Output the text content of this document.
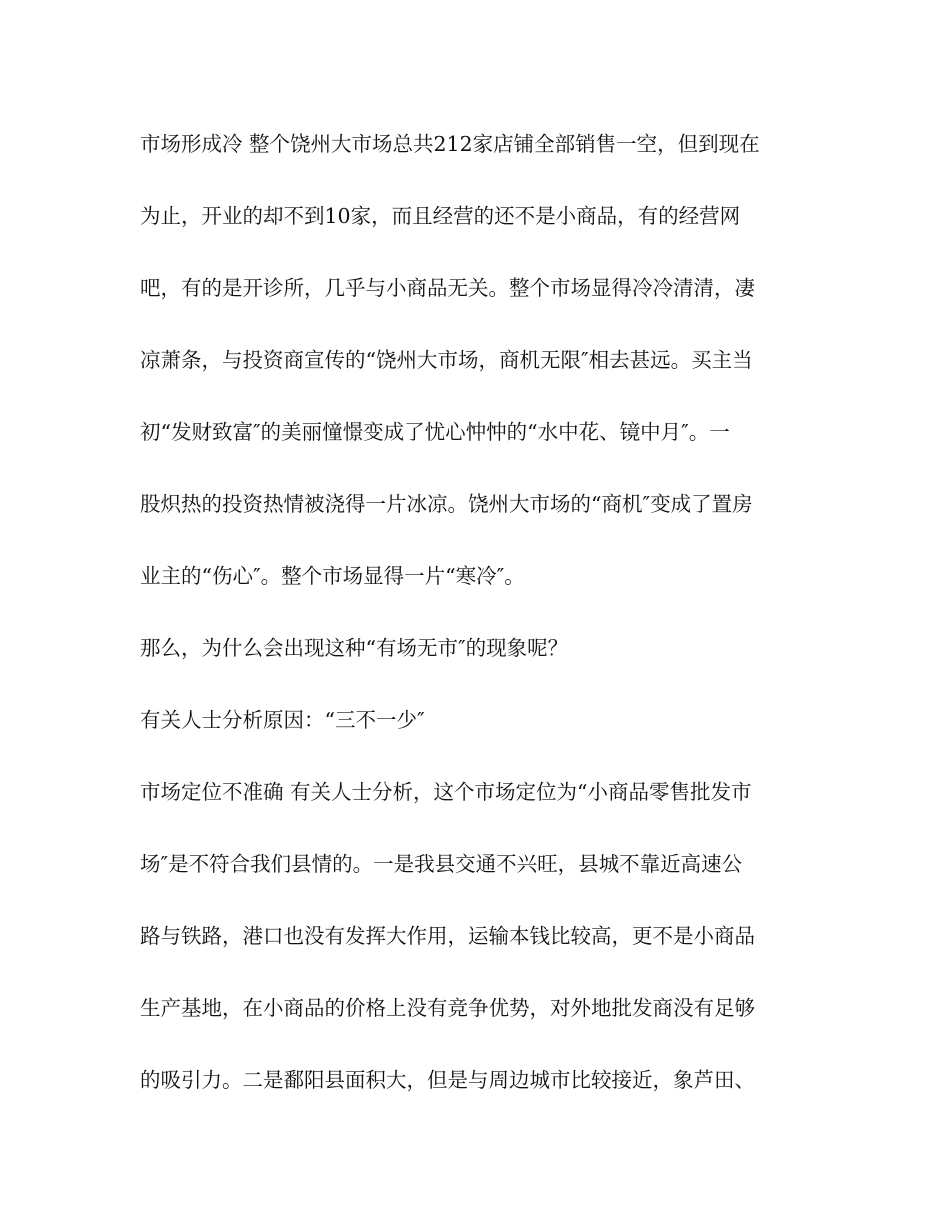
市场形成冷 整个饶州大市场总共212家店铺全部销售一空，但到现在
为止，开业的却不到10家，而且经营的还不是小商品，有的经营网
吧，有的是开诊所，几乎与小商品无关。整个市场显得冷冷清清，凄
凉萧条，与投资商宣传的“饶州大市场，商机无限″相去甚远。买主当
初“发财致富″的美丽憧憬变成了忧心忡忡的“水中花、镜中月″。一
股炽热的投资热情被浇得一片冰凉。饶州大市场的“商机″变成了置房
业主的“伤心″。整个市场显得一片“寒冷″。
那么，为什么会出现这种“有场无市″的现象呢？
有关人士分析原因：“三不一少″
市场定位不准确 有关人士分析，这个市场定位为“小商品零售批发市
场″是不符合我们县情的。一是我县交通不兴旺，县城不靠近高速公
路与铁路，港口也没有发挥大作用，运输本钱比较高，更不是小商品
生产基地，在小商品的价格上没有竞争优势，对外地批发商没有足够
的吸引力。二是鄱阳县面积大，但是与周边城市比较接近，象芦田、
